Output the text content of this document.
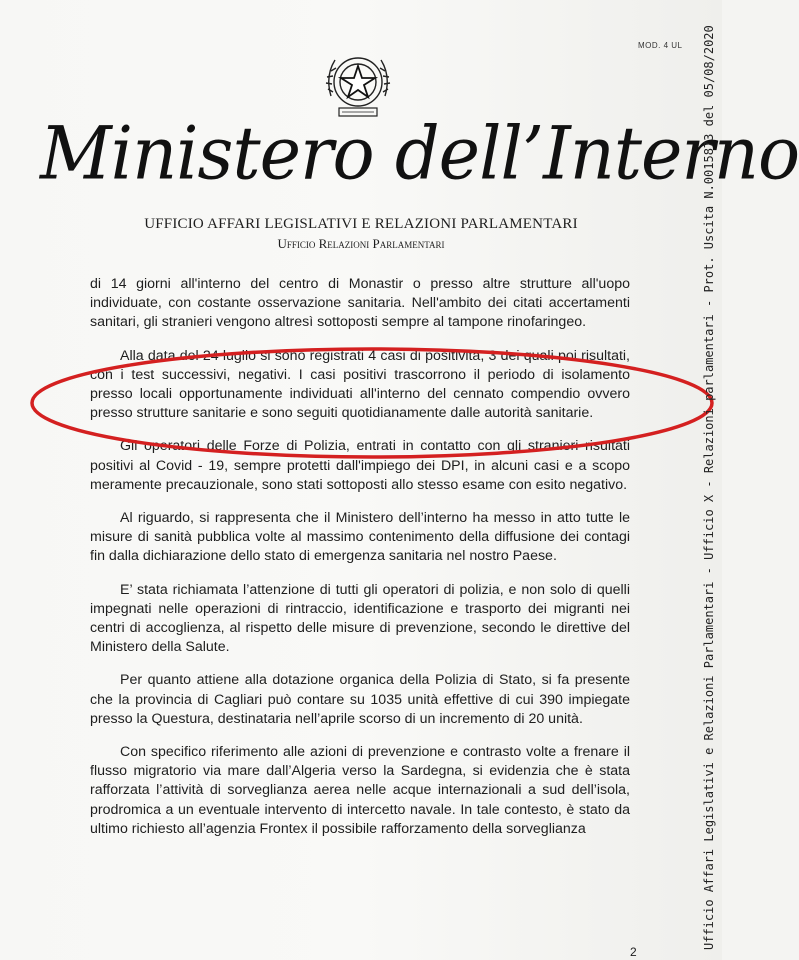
MOD. 4 UL
Ministero dell’Interno
UFFICIO AFFARI LEGISLATIVI E RELAZIONI PARLAMENTARI
Ufficio Relazioni Parlamentari

di 14 giorni all'interno del centro di Monastir o presso altre strutture all'uopo individuate, con costante osservazione sanitaria. Nell'ambito dei citati accertamenti sanitari, gli stranieri vengono altresì sottoposti sempre al tampone rinofaringeo.

Alla data del 24 luglio si sono registrati 4 casi di positività, 3 dei quali poi risultati, con i test successivi, negativi. I casi positivi trascorrono il periodo di isolamento presso locali opportunamente individuati all'interno del cennato compendio ovvero presso strutture sanitarie e sono seguiti quotidianamente dalle autorità sanitarie.

Gli operatori delle Forze di Polizia, entrati in contatto con gli stranieri risultati positivi al Covid - 19, sempre protetti dall'impiego dei DPI, in alcuni casi e a scopo meramente precauzionale, sono stati sottoposti allo stesso esame con esito negativo.

Al riguardo, si rappresenta che il Ministero dell’interno ha messo in atto tutte le misure di sanità pubblica volte al massimo contenimento della diffusione dei contagi fin dalla dichiarazione dello stato di emergenza sanitaria nel nostro Paese.

E’ stata richiamata l’attenzione di tutti gli operatori di polizia, e non solo di quelli impegnati nelle operazioni di rintraccio, identificazione e trasporto dei migranti nei centri di accoglienza, al rispetto delle misure di prevenzione, secondo le direttive del Ministero della Salute.

Per quanto attiene alla dotazione organica della Polizia di Stato, si fa presente che la provincia di Cagliari può contare su 1035 unità effettive di cui 390 impiegate presso la Questura, destinataria nell’aprile scorso di un incremento di 20 unità.

Con specifico riferimento alle azioni di prevenzione e contrasto volte a frenare il flusso migratorio via mare dall’Algeria verso la Sardegna, si evidenzia che è stata rafforzata l’attività di sorveglianza aerea nelle acque internazionali a sud dell’isola, prodromica a un eventuale intervento di intercetto navale. In tale contesto, è stato da ultimo richiesto all’agenzia Frontex il possibile rafforzamento della sorveglianza

2
Ufficio Affari Legislativi e Relazioni Parlamentari - Ufficio X - Relazioni parlamentari - Prot. Uscita N.0015873 del 05/08/2020
